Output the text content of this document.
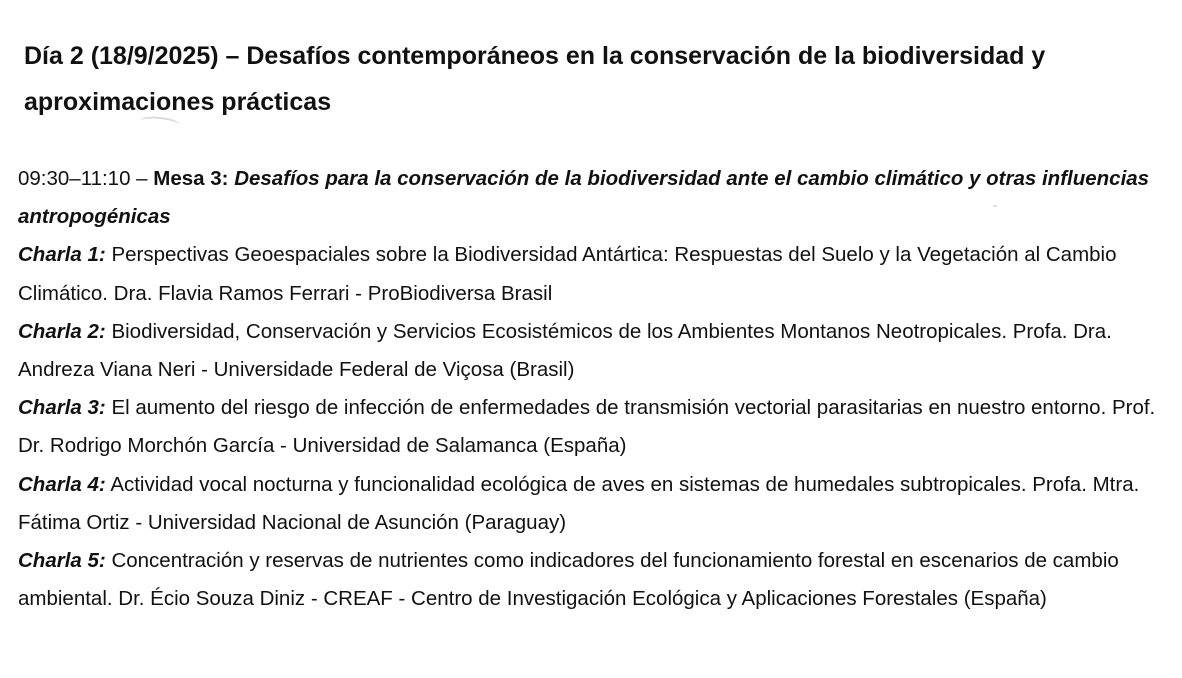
Día 2 (18/9/2025) – Desafíos contemporáneos en la conservación de la biodiversidad y aproximaciones prácticas

09:30–11:10 – Mesa 3: Desafíos para la conservación de la biodiversidad ante el cambio climático y otras influencias antropogénicas

Charla 1: Perspectivas Geoespaciales sobre la Biodiversidad Antártica: Respuestas del Suelo y la Vegetación al Cambio Climático. Dra. Flavia Ramos Ferrari - ProBiodiversa Brasil

Charla 2: Biodiversidad, Conservación y Servicios Ecosistémicos de los Ambientes Montanos Neotropicales. Profa. Dra. Andreza Viana Neri - Universidade Federal de Viçosa (Brasil)

Charla 3: El aumento del riesgo de infección de enfermedades de transmisión vectorial parasitarias en nuestro entorno. Prof. Dr. Rodrigo Morchón García - Universidad de Salamanca (España)

Charla 4: Actividad vocal nocturna y funcionalidad ecológica de aves en sistemas de humedales subtropicales. Profa. Mtra. Fátima Ortiz - Universidad Nacional de Asunción (Paraguay)

Charla 5: Concentración y reservas de nutrientes como indicadores del funcionamiento forestal en escenarios de cambio ambiental. Dr. Écio Souza Diniz - CREAF - Centro de Investigación Ecológica y Aplicaciones Forestales (España)
